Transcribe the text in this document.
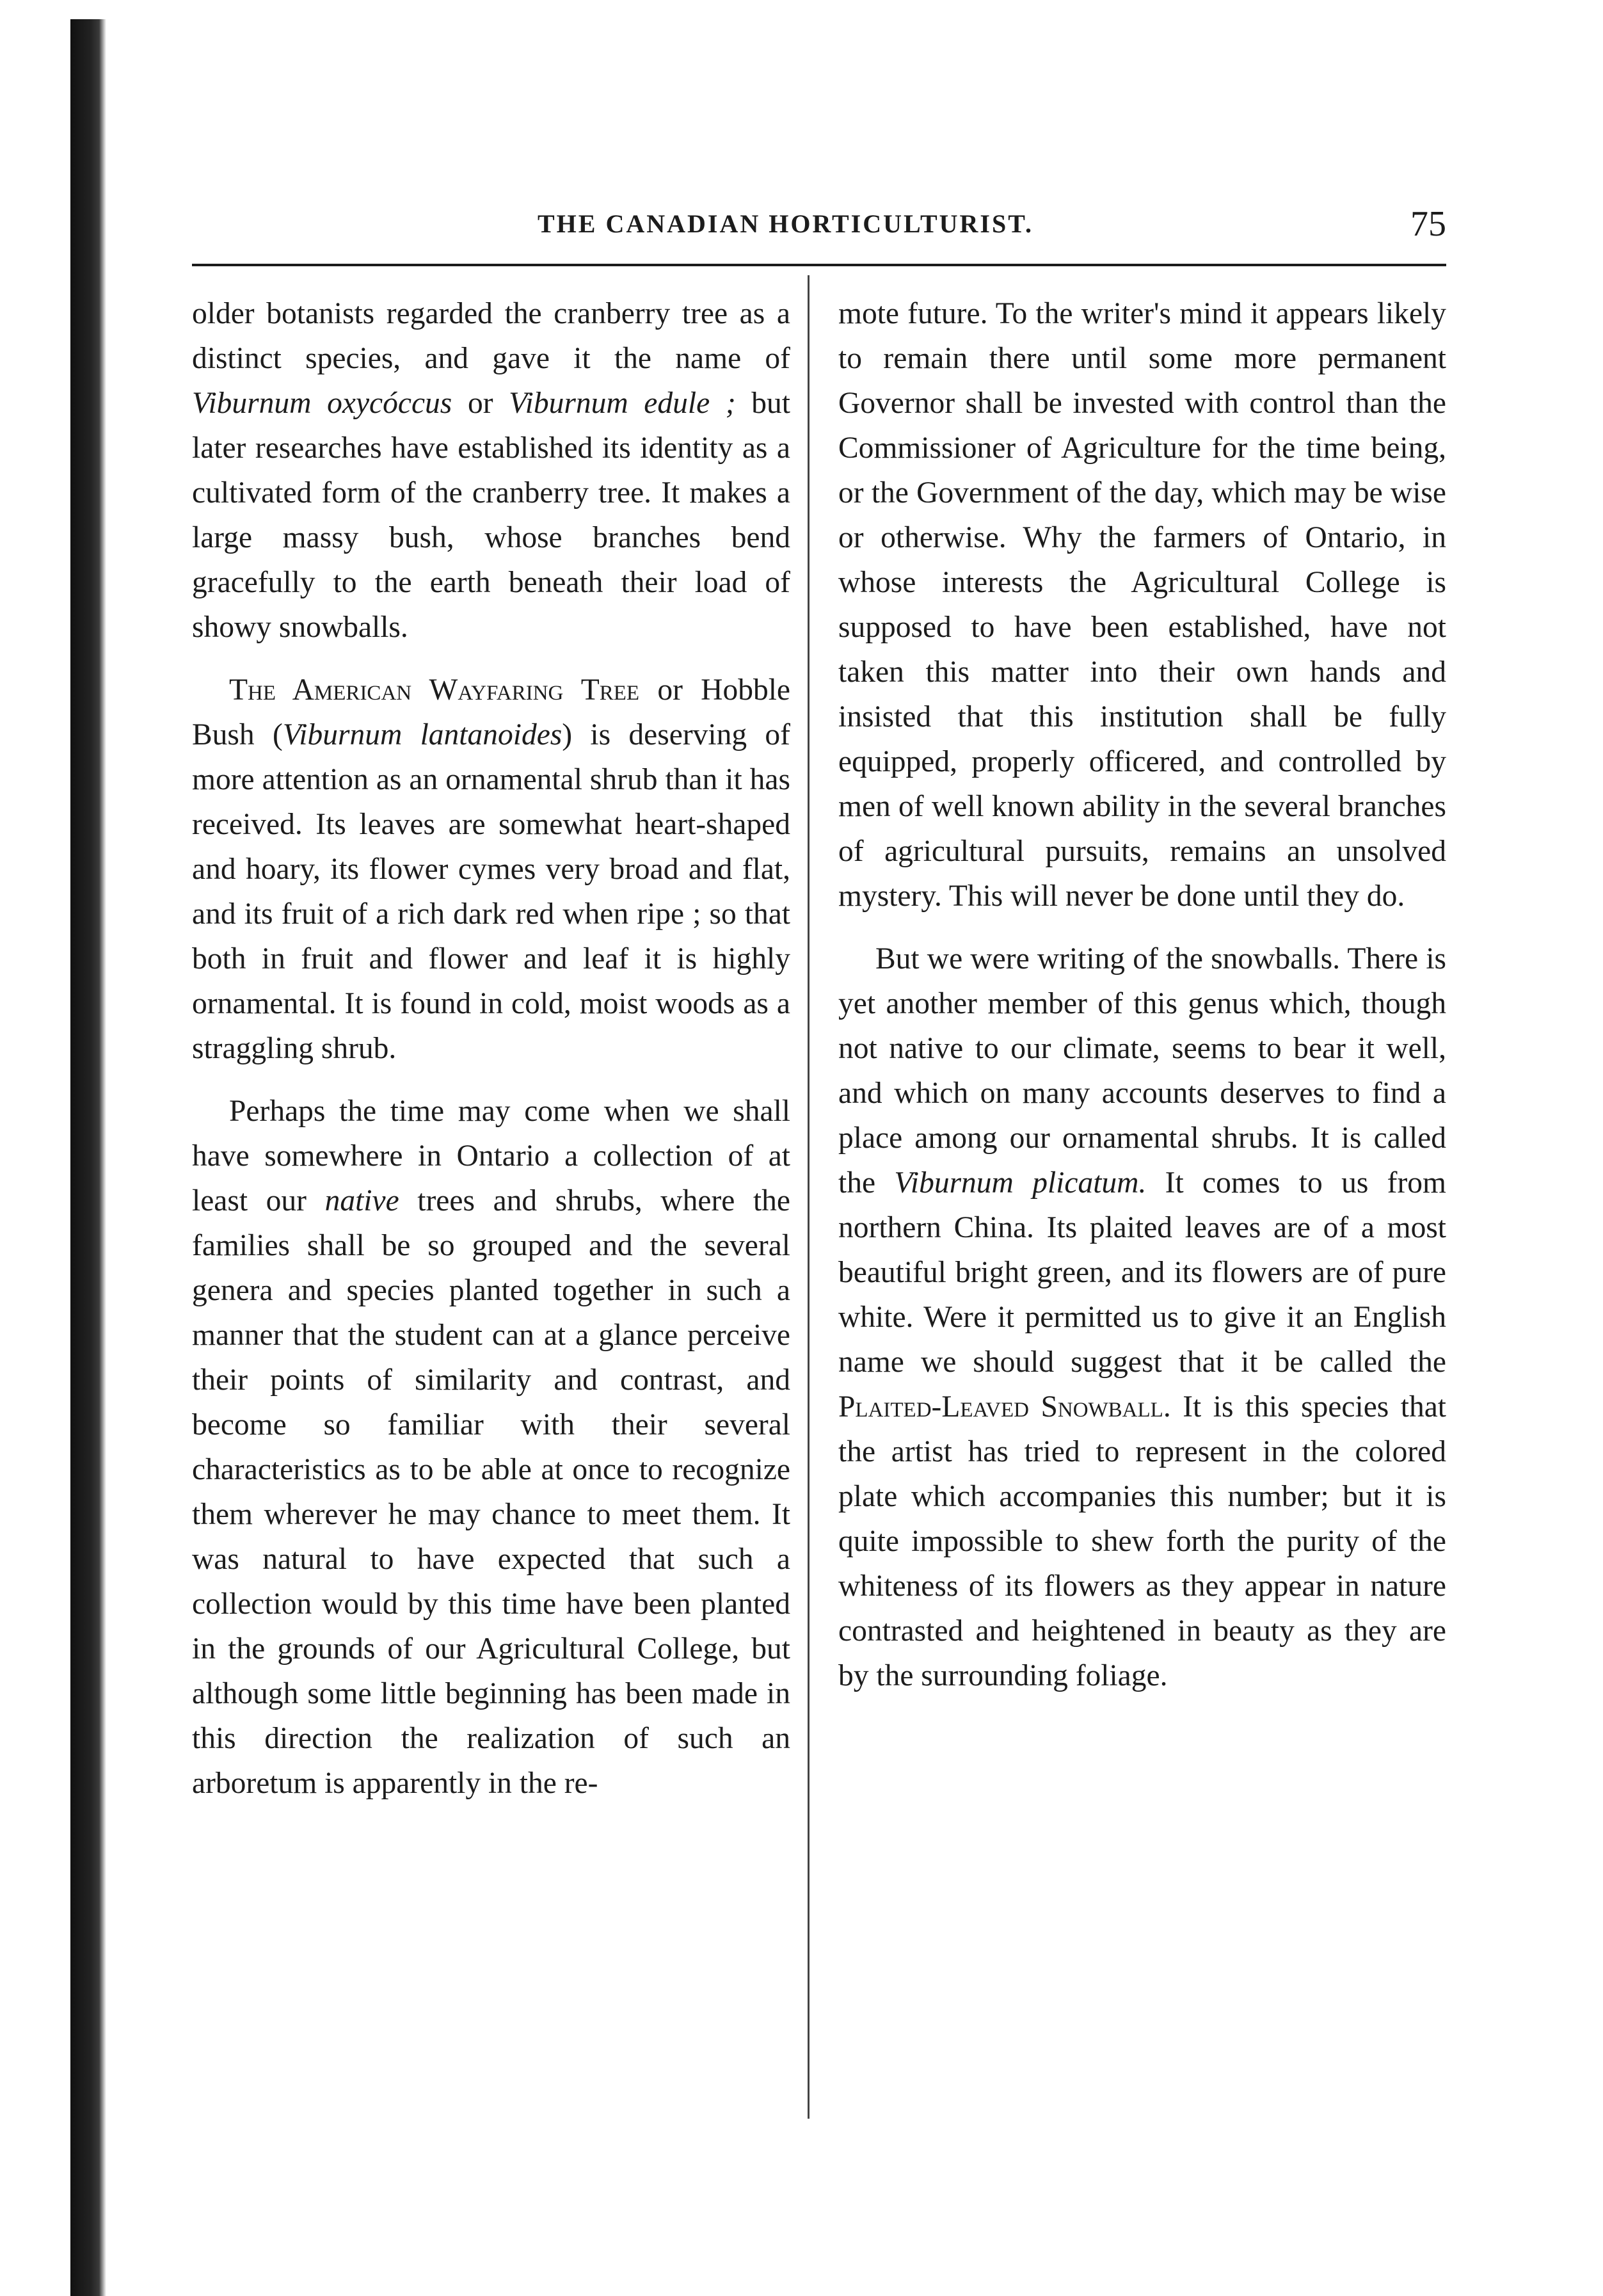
THE CANADIAN HORTICULTURIST.	75

older botanists regarded the cranberry tree as a distinct species, and gave it the name of Viburnum oxycóccus or Viburnum edule ; but later researches have established its identity as a cultivated form of the cranberry tree. It makes a large massy bush, whose branches bend gracefully to the earth beneath their load of showy snowballs.

The American Wayfaring Tree or Hobble Bush (Viburnum lantanoides) is deserving of more attention as an ornamental shrub than it has received. Its leaves are somewhat heart-shaped and hoary, its flower cymes very broad and flat, and its fruit of a rich dark red when ripe ; so that both in fruit and flower and leaf it is highly ornamental. It is found in cold, moist woods as a straggling shrub.

Perhaps the time may come when we shall have somewhere in Ontario a collection of at least our native trees and shrubs, where the families shall be so grouped and the several genera and species planted together in such a manner that the student can at a glance perceive their points of similarity and contrast, and become so familiar with their several characteristics as to be able at once to recognize them wherever he may chance to meet them. It was natural to have expected that such a collection would by this time have been planted in the grounds of our Agricultural College, but although some little beginning has been made in this direction the realization of such an arboretum is apparently in the re-

mote future. To the writer's mind it appears likely to remain there until some more permanent Governor shall be invested with control than the Commissioner of Agriculture for the time being, or the Government of the day, which may be wise or otherwise. Why the farmers of Ontario, in whose interests the Agricultural College is supposed to have been established, have not taken this matter into their own hands and insisted that this institution shall be fully equipped, properly officered, and controlled by men of well known ability in the several branches of agricultural pursuits, remains an unsolved mystery. This will never be done until they do.

But we were writing of the snowballs. There is yet another member of this genus which, though not native to our climate, seems to bear it well, and which on many accounts deserves to find a place among our ornamental shrubs. It is called the Viburnum plicatum. It comes to us from northern China. Its plaited leaves are of a most beautiful bright green, and its flowers are of pure white. Were it permitted us to give it an English name we should suggest that it be called the Plaited-Leaved Snowball. It is this species that the artist has tried to represent in the colored plate which accompanies this number; but it is quite impossible to shew forth the purity of the whiteness of its flowers as they appear in nature contrasted and heightened in beauty as they are by the surrounding foliage.
